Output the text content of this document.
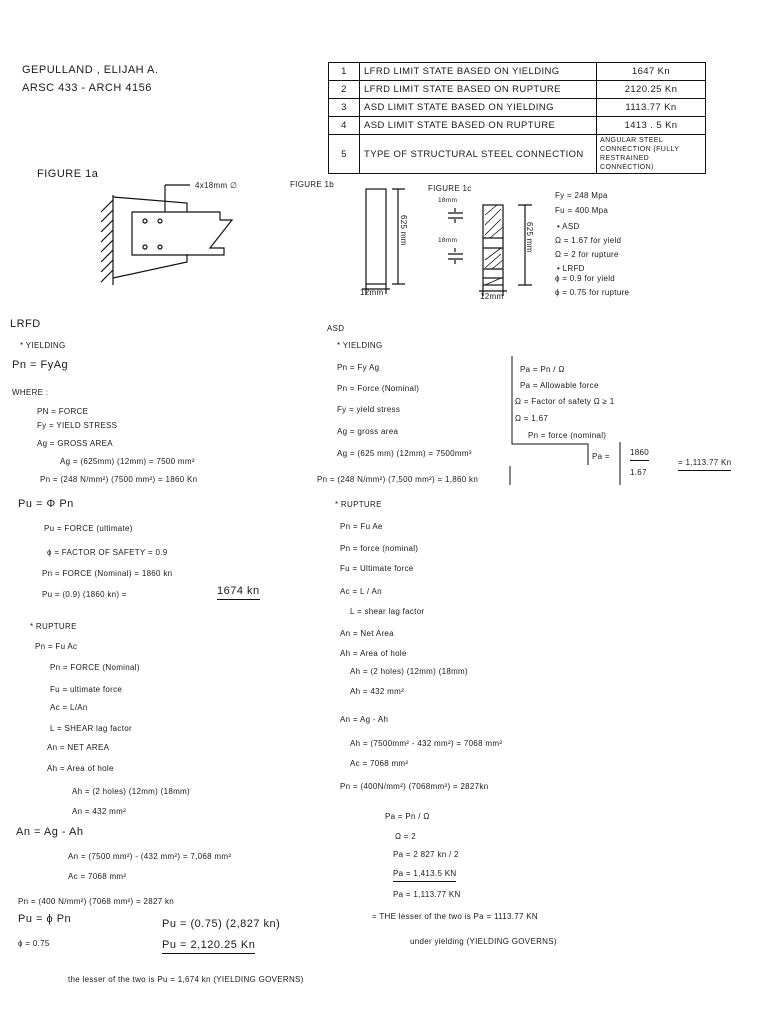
GEPULLAND , ELIJAH A.
ARSC 433 - ARCH 4156
1	LFRD LIMIT STATE BASED ON YIELDING	1647 Kn
2	LFRD LIMIT STATE BASED ON RUPTURE	2120.25 Kn
3	ASD LIMIT STATE BASED ON YIELDING	1113.77 Kn
4	ASD LIMIT STATE BASED ON RUPTURE	1413 . 5 Kn
5	TYPE OF STRUCTURAL STEEL CONNECTION	ANGULAR STEEL CONNECTION (FULLY RESTRAINED CONNECTION)
FIGURE 1a
4x18mm ∅	FIGURE 1b
625 mm
12mm
FIGURE 1c
18mm
18mm	625 mm
12mm
Fy = 248 Mpa
Fu = 400 Mpa
• ASD
Ω = 1.67 for yield
Ω = 2 for rupture
• LRFD
ϕ = 0.9 for yield
ϕ = 0.75 for rupture
LRFD
* YIELDING
Pn = FyAg
WHERE :
PN = FORCE
Fy = YIELD STRESS
Ag = GROSS AREA
Ag = (625mm) (12mm) = 7500 mm²
Pn = (248 N/mm²) (7500 mm²) = 1860 Kn
Pu = Φ Pn
Pu = FORCE (ultimate)
ϕ = FACTOR OF SAFETY = 0.9
Pn = FORCE (Nominal) = 1860 kn
Pu = (0.9) (1860 kn) =	1674 kn
* RUPTURE
Pn = Fu Ac
Pn = FORCE (Nominal)
Fu = ultimate force
Ac = L/An
L = SHEAR lag factor
An = NET AREA
Ah = Area of hole
Ah = (2 holes) (12mm) (18mm)
An = 432 mm²
An = Ag - Ah
An = (7500 mm²) - (432 mm²) = 7,068 mm²
Ac = 7068 mm²
Pn = (400 N/mm²) (7068 mm²) = 2827 kn
Pu = ϕ Pn
ϕ = 0.75
Pu = (0.75) (2,827 kn)
Pu = 2,120.25 Kn
the lesser of the two is Pu = 1,674 kn (YIELDING GOVERNS)
ASD
* YIELDING
Pn = Fy Ag
Pn = Force (Nominal)
Fy = yield stress
Ag = gross area
Ag = (625 mm) (12mm) = 7500mm²
Pn = (248 N/mm²) (7,500 mm²) = 1,860 kn
Pa = Pn / Ω
Pa = Allowable force
Ω = Factor of safety Ω ≥ 1
Ω = 1.67
Pn = force (nominal)
Pa =	1860
1.67
= 1,113.77 Kn
* RUPTURE
Pn = Fu Ae
Pn = force (nominal)
Fu = Ultimate force
Ac = L / An
L = shear lag factor
An = Net Area
Ah = Area of hole
Ah = (2 holes) (12mm) (18mm)
Ah = 432 mm²
An = Ag - Ah
Ah = (7500mm² - 432 mm²) = 7068 mm²
Ac = 7068 mm²
Pn = (400N/mm²) (7068mm²) = 2827kn
Pa = Pn / Ω
Ω = 2
Pa = 2 827 kn / 2
Pa = 1,413.5 KN
Pa = 1,113.77 KN
= THE lesser of the two is Pa = 1113.77 KN
under yielding (YIELDING GOVERNS)
